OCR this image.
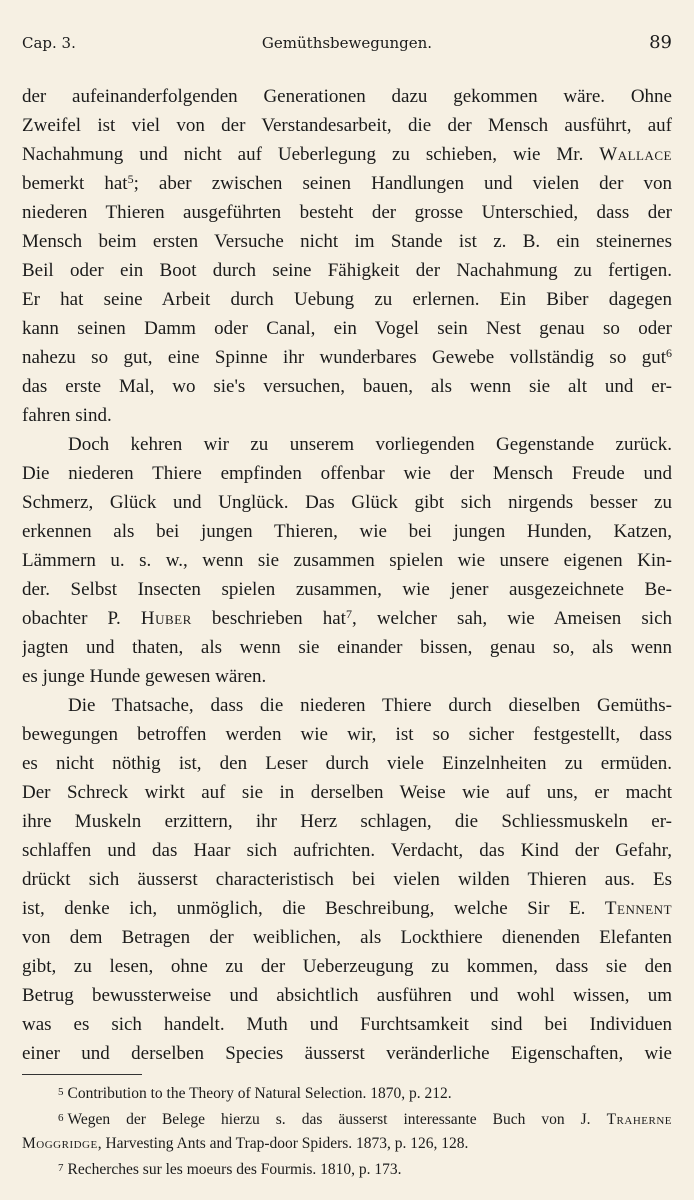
Cap. 3.	Gemüthsbewegungen.	89
der aufeinanderfolgenden Generationen dazu gekommen wäre. Ohne
Zweifel ist viel von der Verstandesarbeit, die der Mensch ausführt, auf
Nachahmung und nicht auf Ueberlegung zu schieben, wie Mr. Wallace
bemerkt hat$^5$; aber zwischen seinen Handlungen und vielen der von
niederen Thieren ausgeführten besteht der grosse Unterschied, dass der
Mensch beim ersten Versuche nicht im Stande ist z. B. ein steinernes
Beil oder ein Boot durch seine Fähigkeit der Nachahmung zu fertigen.
Er hat seine Arbeit durch Uebung zu erlernen. Ein Biber dagegen
kann seinen Damm oder Canal, ein Vogel sein Nest genau so oder
nahezu so gut, eine Spinne ihr wunderbares Gewebe vollständig so gut$^6$
das erste Mal, wo sie's versuchen, bauen, als wenn sie alt und er-
fahren sind.
Doch kehren wir zu unserem vorliegenden Gegenstande zurück.
Die niederen Thiere empfinden offenbar wie der Mensch Freude und
Schmerz, Glück und Unglück. Das Glück gibt sich nirgends besser zu
erkennen als bei jungen Thieren, wie bei jungen Hunden, Katzen,
Lämmern u. s. w., wenn sie zusammen spielen wie unsere eigenen Kin-
der. Selbst Insecten spielen zusammen, wie jener ausgezeichnete Be-
obachter P. Huber beschrieben hat$^7$, welcher sah, wie Ameisen sich
jagten und thaten, als wenn sie einander bissen, genau so, als wenn
es junge Hunde gewesen wären.
Die Thatsache, dass die niederen Thiere durch dieselben Gemüths-
bewegungen betroffen werden wie wir, ist so sicher festgestellt, dass
es nicht nöthig ist, den Leser durch viele Einzelnheiten zu ermüden.
Der Schreck wirkt auf sie in derselben Weise wie auf uns, er macht
ihre Muskeln erzittern, ihr Herz schlagen, die Schliessmuskeln er-
schlaffen und das Haar sich aufrichten. Verdacht, das Kind der Gefahr,
drückt sich äusserst characteristisch bei vielen wilden Thieren aus. Es
ist, denke ich, unmöglich, die Beschreibung, welche Sir E. Tennent
von dem Betragen der weiblichen, als Lockthiere dienenden Elefanten
gibt, zu lesen, ohne zu der Ueberzeugung zu kommen, dass sie den
Betrug bewussterweise und absichtlich ausführen und wohl wissen, um
was es sich handelt. Muth und Furchtsamkeit sind bei Individuen
einer und derselben Species äusserst veränderliche Eigenschaften, wie
5 Contribution to the Theory of Natural Selection. 1870, p. 212.
6 Wegen der Belege hierzu s. das äusserst interessante Buch von J. Traherne
Moggridge, Harvesting Ants and Trap-door Spiders. 1873, p. 126, 128.
7 Recherches sur les moeurs des Fourmis. 1810, p. 173.
